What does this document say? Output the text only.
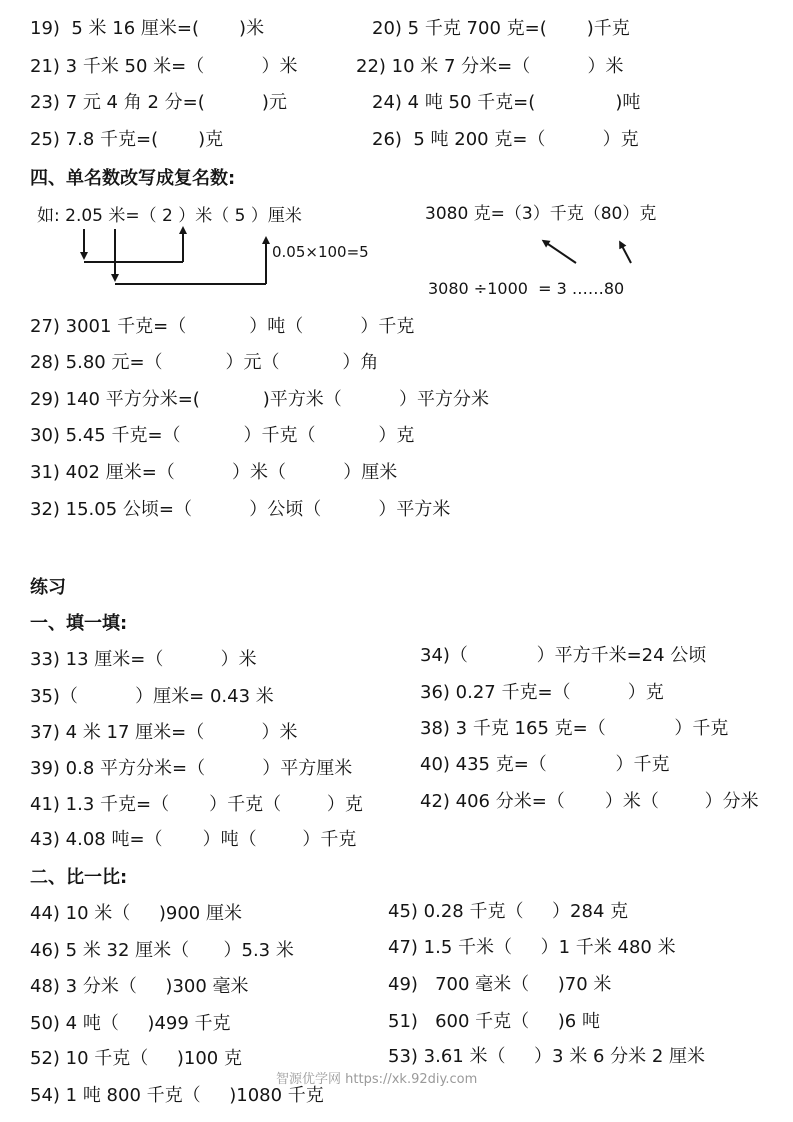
19)  5 米 16 厘米=(       )米	20) 5 千克 700 克=(       )千克
21) 3 千米 50 米=（          ）米	22) 10 米 7 分米=（          ）米
23) 7 元 4 角 2 分=(          )元	24) 4 吨 50 千克=(              )吨
25) 7.8 千克=(       )克	26)  5 吨 200 克=（          ）克
四、单名数改写成复名数:
如: 2.05 米=（ 2 ）米（ 5 ）厘米
0.05×100=5
3080 克=（3）千克（80）克
3080 ÷1000  = 3 ……80
27) 3001 千克=（           ）吨（          ）千克
28) 5.80 元=（           ）元（           ）角
29) 140 平方分米=(           )平方米（          ）平方分米
30) 5.45 千克=（           ）千克（           ）克
31) 402 厘米=（          ）米（          ）厘米
32) 15.05 公顷=（          ）公顷（          ）平方米
练习
一、填一填:
33) 13 厘米=（          ）米	34)（            ）平方千米=24 公顷
35)（          ）厘米= 0.43 米	36) 0.27 千克=（          ）克
37) 4 米 17 厘米=（          ）米	38) 3 千克 165 克=（            ）千克
39) 0.8 平方分米=（          ）平方厘米	40) 435 克=（            ）千克
41) 1.3 千克=（       ）千克（        ）克	42) 406 分米=（       ）米（        ）分米
43) 4.08 吨=（       ）吨（        ）千克
二、比一比:
44) 10 米（     )900 厘米	45) 0.28 千克（     ）284 克
46) 5 米 32 厘米（      ）5.3 米	47) 1.5 千米（     ）1 千米 480 米
48) 3 分米（     )300 毫米	49)   700 毫米（     )70 米
50) 4 吨（     )499 千克	51)   600 千克（     )6 吨
52) 10 千克（     )100 克	53) 3.61 米（     ）3 米 6 分米 2 厘米
54) 1 吨 800 千克（     )1080 千克
智源优学网 https://xk.92diy.com
